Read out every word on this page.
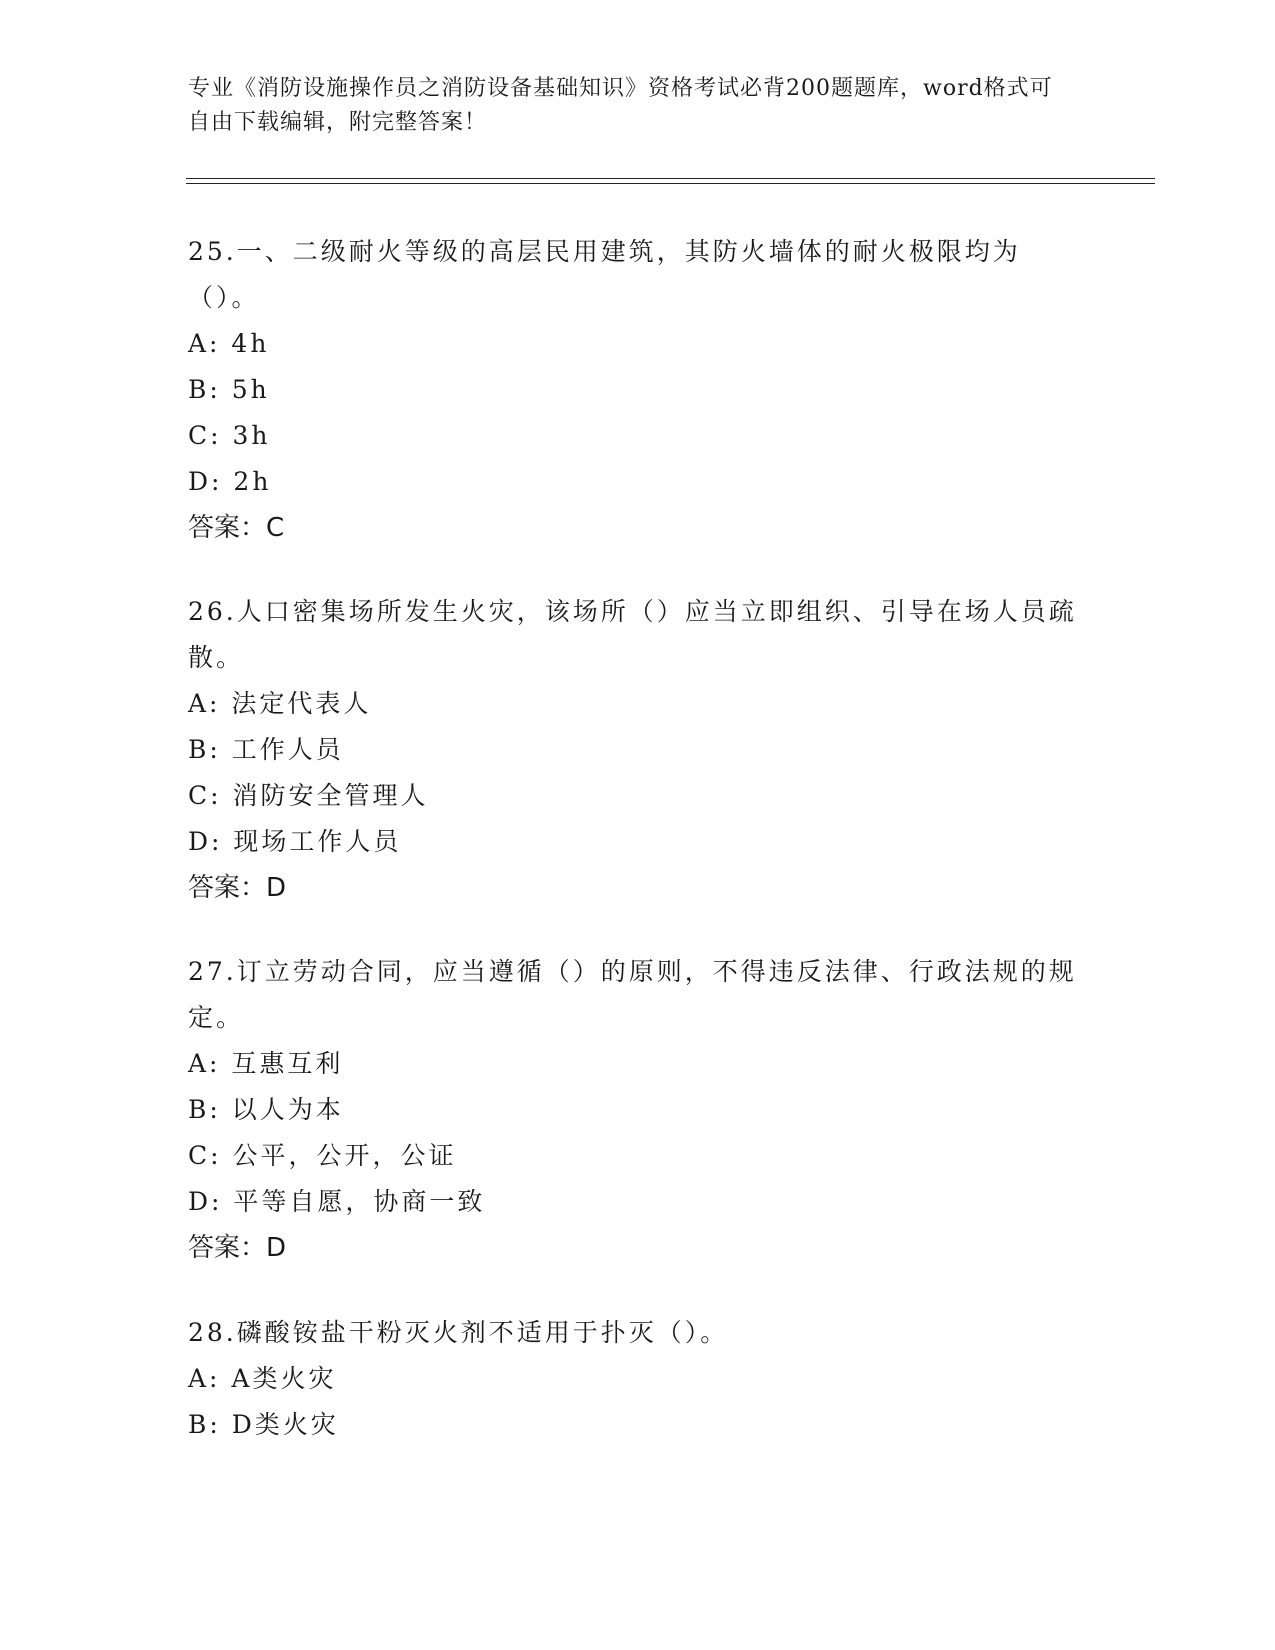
专业《消防设施操作员之消防设备基础知识》资格考试必背200题题库，word格式可自由下载编辑，附完整答案！

25.一、二级耐火等级的高层民用建筑，其防火墙体的耐火极限均为（）。

A: 4h

B: 5h

C: 3h

D: 2h

答案：C

26.人口密集场所发生火灾，该场所（）应当立即组织、引导在场人员疏散。

A: 法定代表人

B: 工作人员

C: 消防安全管理人

D: 现场工作人员

答案：D

27.订立劳动合同，应当遵循（）的原则，不得违反法律、行政法规的规定。

A: 互惠互利

B: 以人为本

C: 公平，公开，公证

D: 平等自愿，协商一致

答案：D

28.磷酸铵盐干粉灭火剂不适用于扑灭（）。

A: A类火灾

B: D类火灾
